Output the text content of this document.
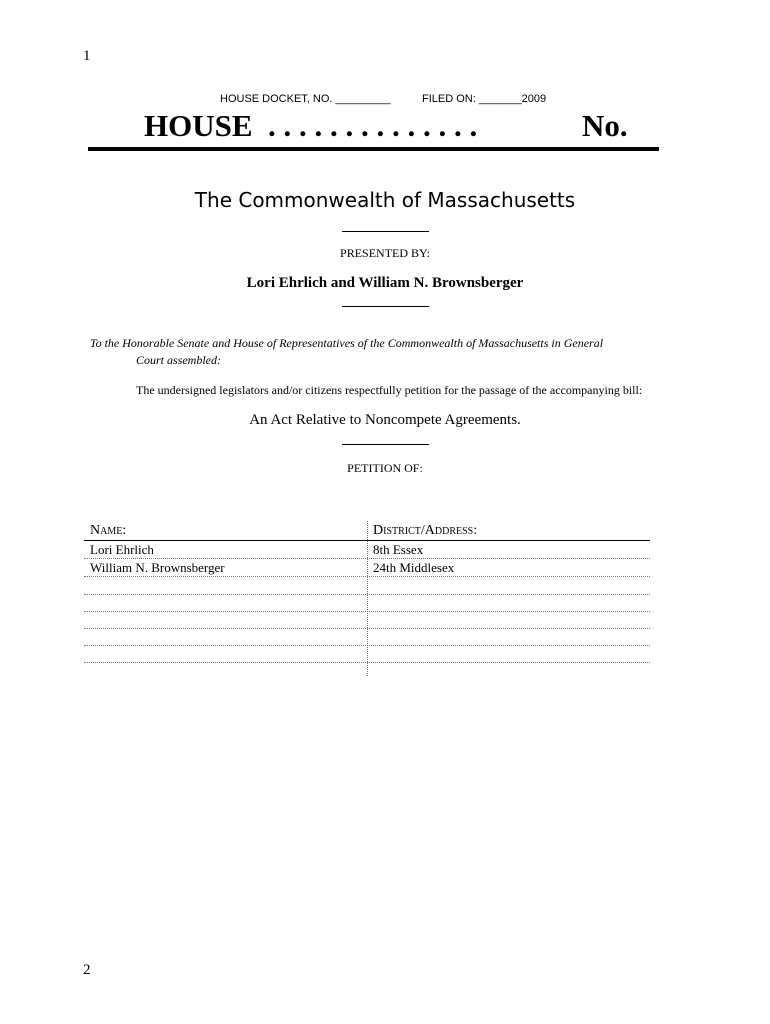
1
HOUSE DOCKET, NO. _________	FILED ON: _______2009
HOUSE  . . . . . . . . . . . . . .	No.
The Commonwealth of Massachusetts
PRESENTED BY:
Lori Ehrlich and William N. Brownsberger
To the Honorable Senate and House of Representatives of the Commonwealth of Massachusetts in General
Court assembled:
The undersigned legislators and/or citizens respectfully petition for the passage of the accompanying bill:
An Act Relative to Noncompete Agreements.
PETITION OF:
Name:	District/Address:
Lori Ehrlich	8th Essex
William N. Brownsberger	24th Middlesex
2
